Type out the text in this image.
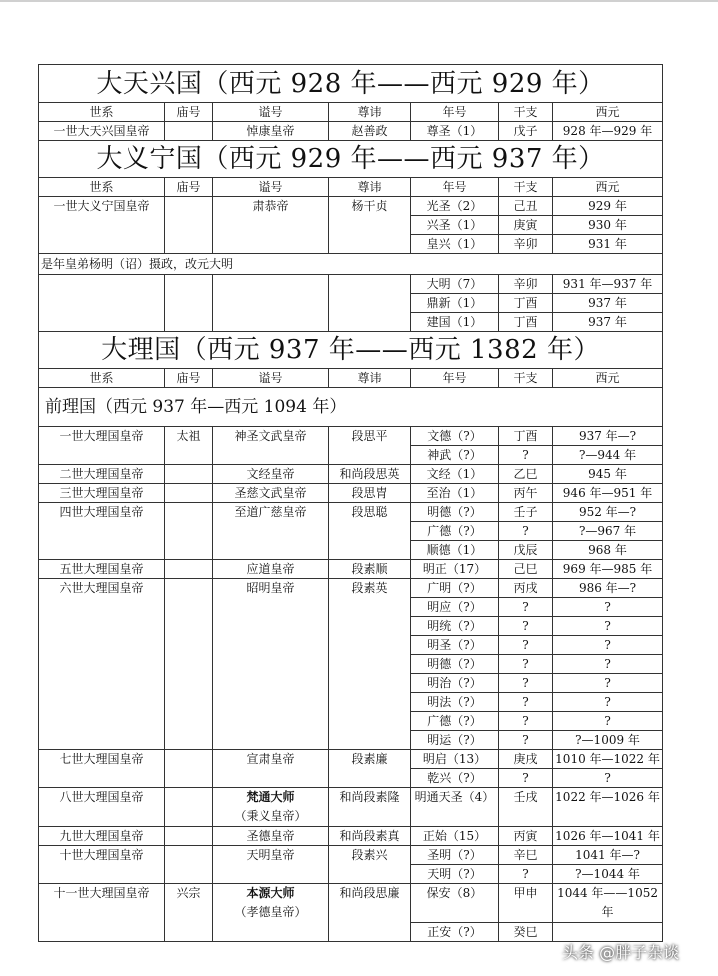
大天兴国（西元 928 年——西元 929 年）						
世系	庙号	谥号	尊讳	年号	干支	西元
一世大天兴国皇帝		悼康皇帝	赵善政	尊圣（1）	戊子	928 年—929 年
大义宁国（西元 929 年——西元 937 年）						
世系	庙号	谥号	尊讳	年号	干支	西元
一世大义宁国皇帝		肃恭帝	杨干贞	光圣（2）	己丑	929 年
				兴圣（1）	庚寅	930 年
				皇兴（1）	辛卯	931 年
是年皇弟杨明（诏）摄政，改元大明						
				大明（7）	辛卯	931 年—937 年
				鼎新（1）	丁酉	937 年
				建国（1）	丁酉	937 年
大理国（西元 937 年——西元 1382 年）						
世系	庙号	谥号	尊讳	年号	干支	西元
前理国（西元 937 年—西元 1094 年）						
一世大理国皇帝	太祖	神圣文武皇帝	段思平	文德（?）	丁酉	937 年—?
				神武（?）	?	?—944 年
二世大理国皇帝		文经皇帝	和尚段思英	文经（1）	乙巳	945 年
三世大理国皇帝		圣慈文武皇帝	段思胄	至治（1）	丙午	946 年—951 年
四世大理国皇帝		至道广慈皇帝	段思聪	明德（?）	壬子	952 年—?
				广德（?）	?	?—967 年
				顺德（1）	戊辰	968 年
五世大理国皇帝		应道皇帝	段素顺	明正（17）	己巳	969 年—985 年
六世大理国皇帝		昭明皇帝	段素英	广明（?）	丙戌	986 年—?
				明应（?）	?	?
				明统（?）	?	?
				明圣（?）	?	?
				明德（?）	?	?
				明治（?）	?	?
				明法（?）	?	?
				广德（?）	?	?
				明运（?）	?	?—1009 年
七世大理国皇帝		宣肃皇帝	段素廉	明启（13）	庚戌	1010 年—1022 年
				乾兴（?）	?	?
八世大理国皇帝		梵通大师
（秉义皇帝）	和尚段素隆	明通天圣（4）	壬戌	1022 年—1026 年
九世大理国皇帝		圣德皇帝	和尚段素真	正始（15）	丙寅	1026 年—1041 年
十世大理国皇帝		天明皇帝	段素兴	圣明（?）	辛巳	1041 年—?
				天明（?）	?	?—1044 年
十一世大理国皇帝	兴宗	本源大师
（孝德皇帝）	和尚段思廉	保安（8）	甲申	1044 年——1052
年
				正安（?）	癸巳	
头条 @胖子杂谈
